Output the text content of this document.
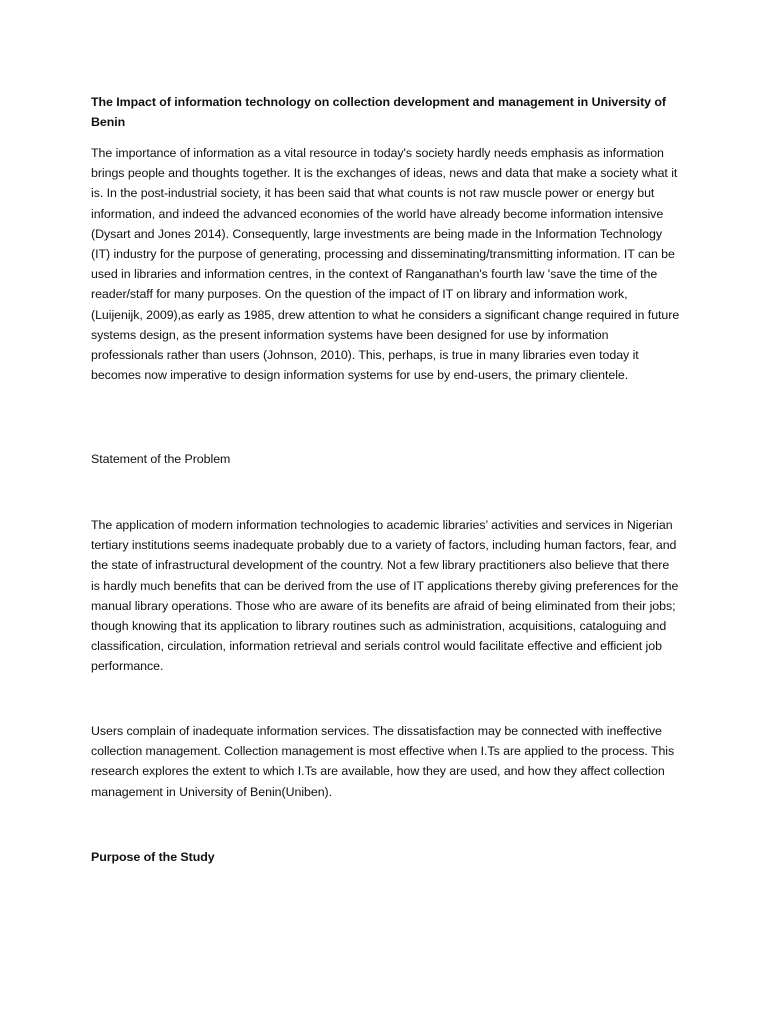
The Impact of information technology on collection development and management in University of Benin

The importance of information as a vital resource in today's society hardly needs emphasis as information brings people and thoughts together. It is the exchanges of ideas, news and data that make a society what it is. In the post-industrial society, it has been said that what counts is not raw muscle power or energy but information, and indeed the advanced economies of the world have already become information intensive (Dysart and Jones 2014). Consequently, large investments are being made in the Information Technology (IT) industry for the purpose of generating, processing and disseminating/transmitting information. IT can be used in libraries and information centres, in the context of Ranganathan's fourth law 'save the time of the reader/staff for many purposes. On the question of the impact of IT on library and information work, (Luijenijk, 2009),as early as 1985, drew attention to what he considers a significant change required in future systems design, as the present information systems have been designed for use by information professionals rather than users (Johnson, 2010). This, perhaps, is true in many libraries even today it becomes now imperative to design information systems for use by end-users, the primary clientele.

Statement of the Problem

The application of modern information technologies to academic libraries’ activities and services in Nigerian tertiary institutions seems inadequate probably due to a variety of factors, including human factors, fear, and the state of infrastructural development of the country. Not a few library practitioners also believe that there is hardly much benefits that can be derived from the use of IT applications thereby giving preferences for the manual library operations. Those who are aware of its benefits are afraid of being eliminated from their jobs; though knowing that its application to library routines such as administration, acquisitions, cataloguing and classification, circulation, information retrieval and serials control would facilitate effective and efficient job performance.

Users complain of inadequate information services. The dissatisfaction may be connected with ineffective collection management. Collection management is most effective when I.Ts are applied to the process. This research explores the extent to which I.Ts are available, how they are used, and how they affect collection management in University of Benin(Uniben).

Purpose of the Study
